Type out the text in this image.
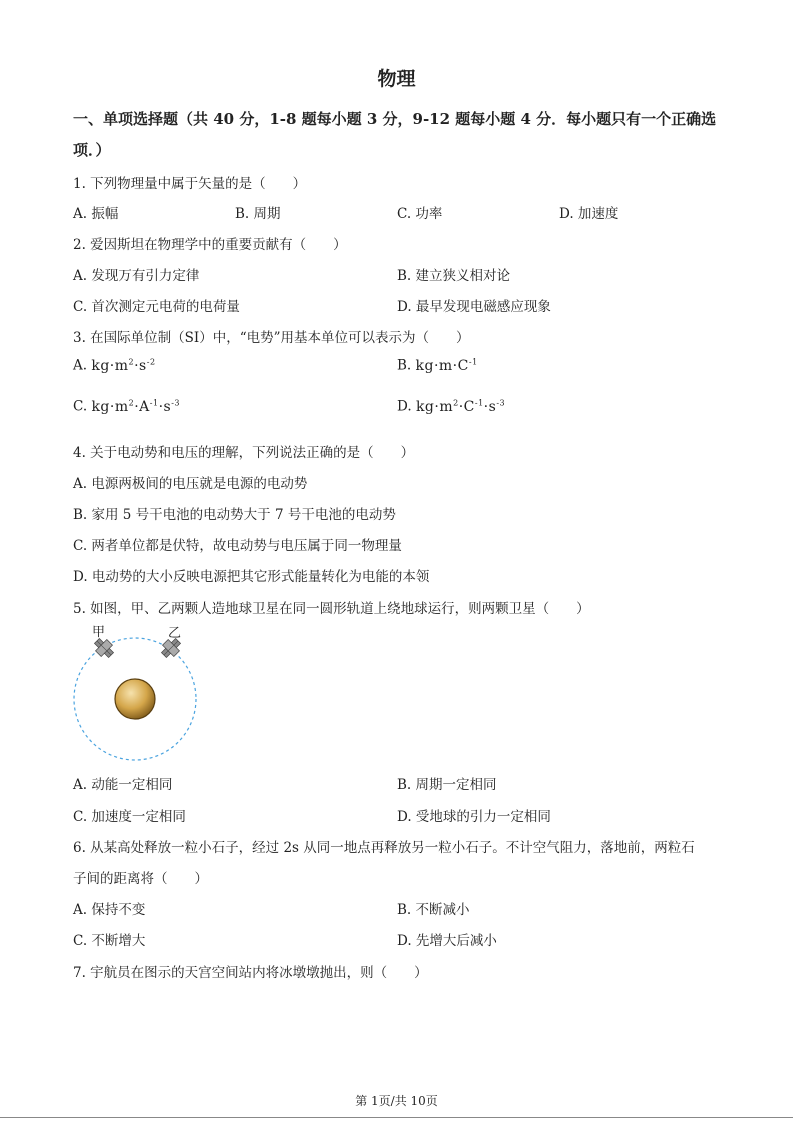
物理
一、单项选择题（共 40 分，1-8 题每小题 3 分，9-12 题每小题 4 分．每小题只有一个正确选
项．）
1. 下列物理量中属于矢量的是（　　）
A. 振幅	B. 周期	C. 功率	D. 加速度
2. 爱因斯坦在物理学中的重要贡献有（　　）
A. 发现万有引力定律	B. 建立狭义相对论
C. 首次测定元电荷的电荷量	D. 最早发现电磁感应现象
3. 在国际单位制（SI）中，“电势”用基本单位可以表示为（　　）
A. $kg\cdot m^2\cdot s^{-2}$	B. $kg\cdot m\cdot C^{-1}$
C. $kg\cdot m^2\cdot A^{-1}\cdot s^{-3}$	D. $kg\cdot m^2\cdot C^{-1}\cdot s^{-3}$
4. 关于电动势和电压的理解，下列说法正确的是（　　）
A. 电源两极间的电压就是电源的电动势
B. 家用 5 号干电池的电动势大于 7 号干电池的电动势
C. 两者单位都是伏特，故电动势与电压属于同一物理量
D. 电动势的大小反映电源把其它形式能量转化为电能的本领
5. 如图，甲、乙两颗人造地球卫星在同一圆形轨道上绕地球运行，则两颗卫星（　　）
甲	乙
A. 动能一定相同	B. 周期一定相同
C. 加速度一定相同	D. 受地球的引力一定相同
6. 从某高处释放一粒小石子，经过 2s 从同一地点再释放另一粒小石子。不计空气阻力，落地前，两粒石
子间的距离将（　　）
A. 保持不变	B. 不断减小
C. 不断增大	D. 先增大后减小
7. 宇航员在图示的天宫空间站内将冰墩墩抛出，则（　　）
第 1页/共 10页
